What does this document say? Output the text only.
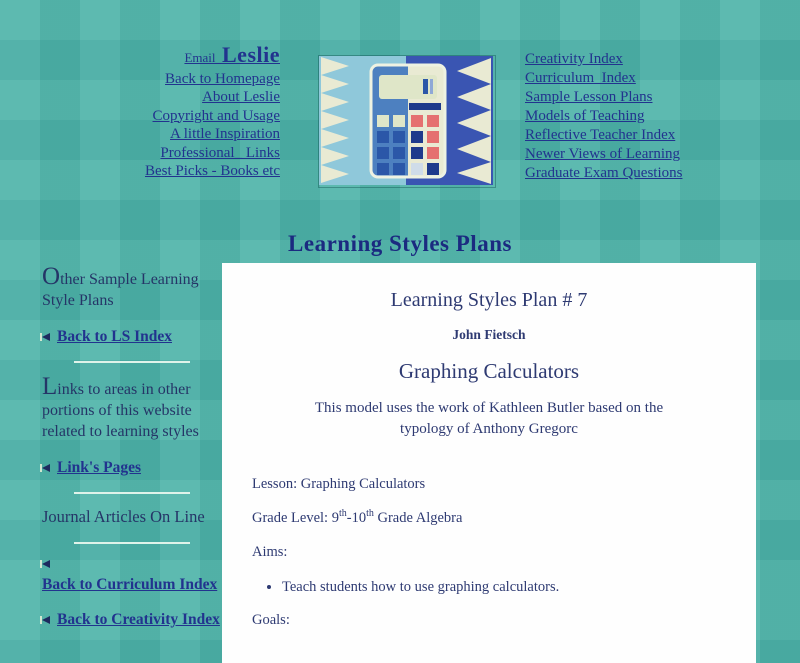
Email_Leslie
Back to Homepage
About Leslie
Copyright and Usage
A little Inspiration
Professional_ Links
Best Picks - Books etc
Creativity Index
Curriculum  Index
Sample Lesson Plans
Models of Teaching
Reflective Teacher Index
Newer Views of Learning
Graduate Exam Questions
Learning Styles Plans

Other Sample Learning Style Plans

Back to LS Index

Links to areas in other portions of this website related to learning styles

Link's Pages

Journal Articles On Line

Back to Curriculum Index
Back to Creativity Index
Learning Styles Plan # 7

John Fietsch

Graphing Calculators

This model uses the work of Kathleen Butler based on the typology of Anthony Gregorc

Lesson: Graphing Calculators

Grade Level: 9th-10th Grade Algebra

Aims:

• Teach students how to use graphing calculators.

Goals:
